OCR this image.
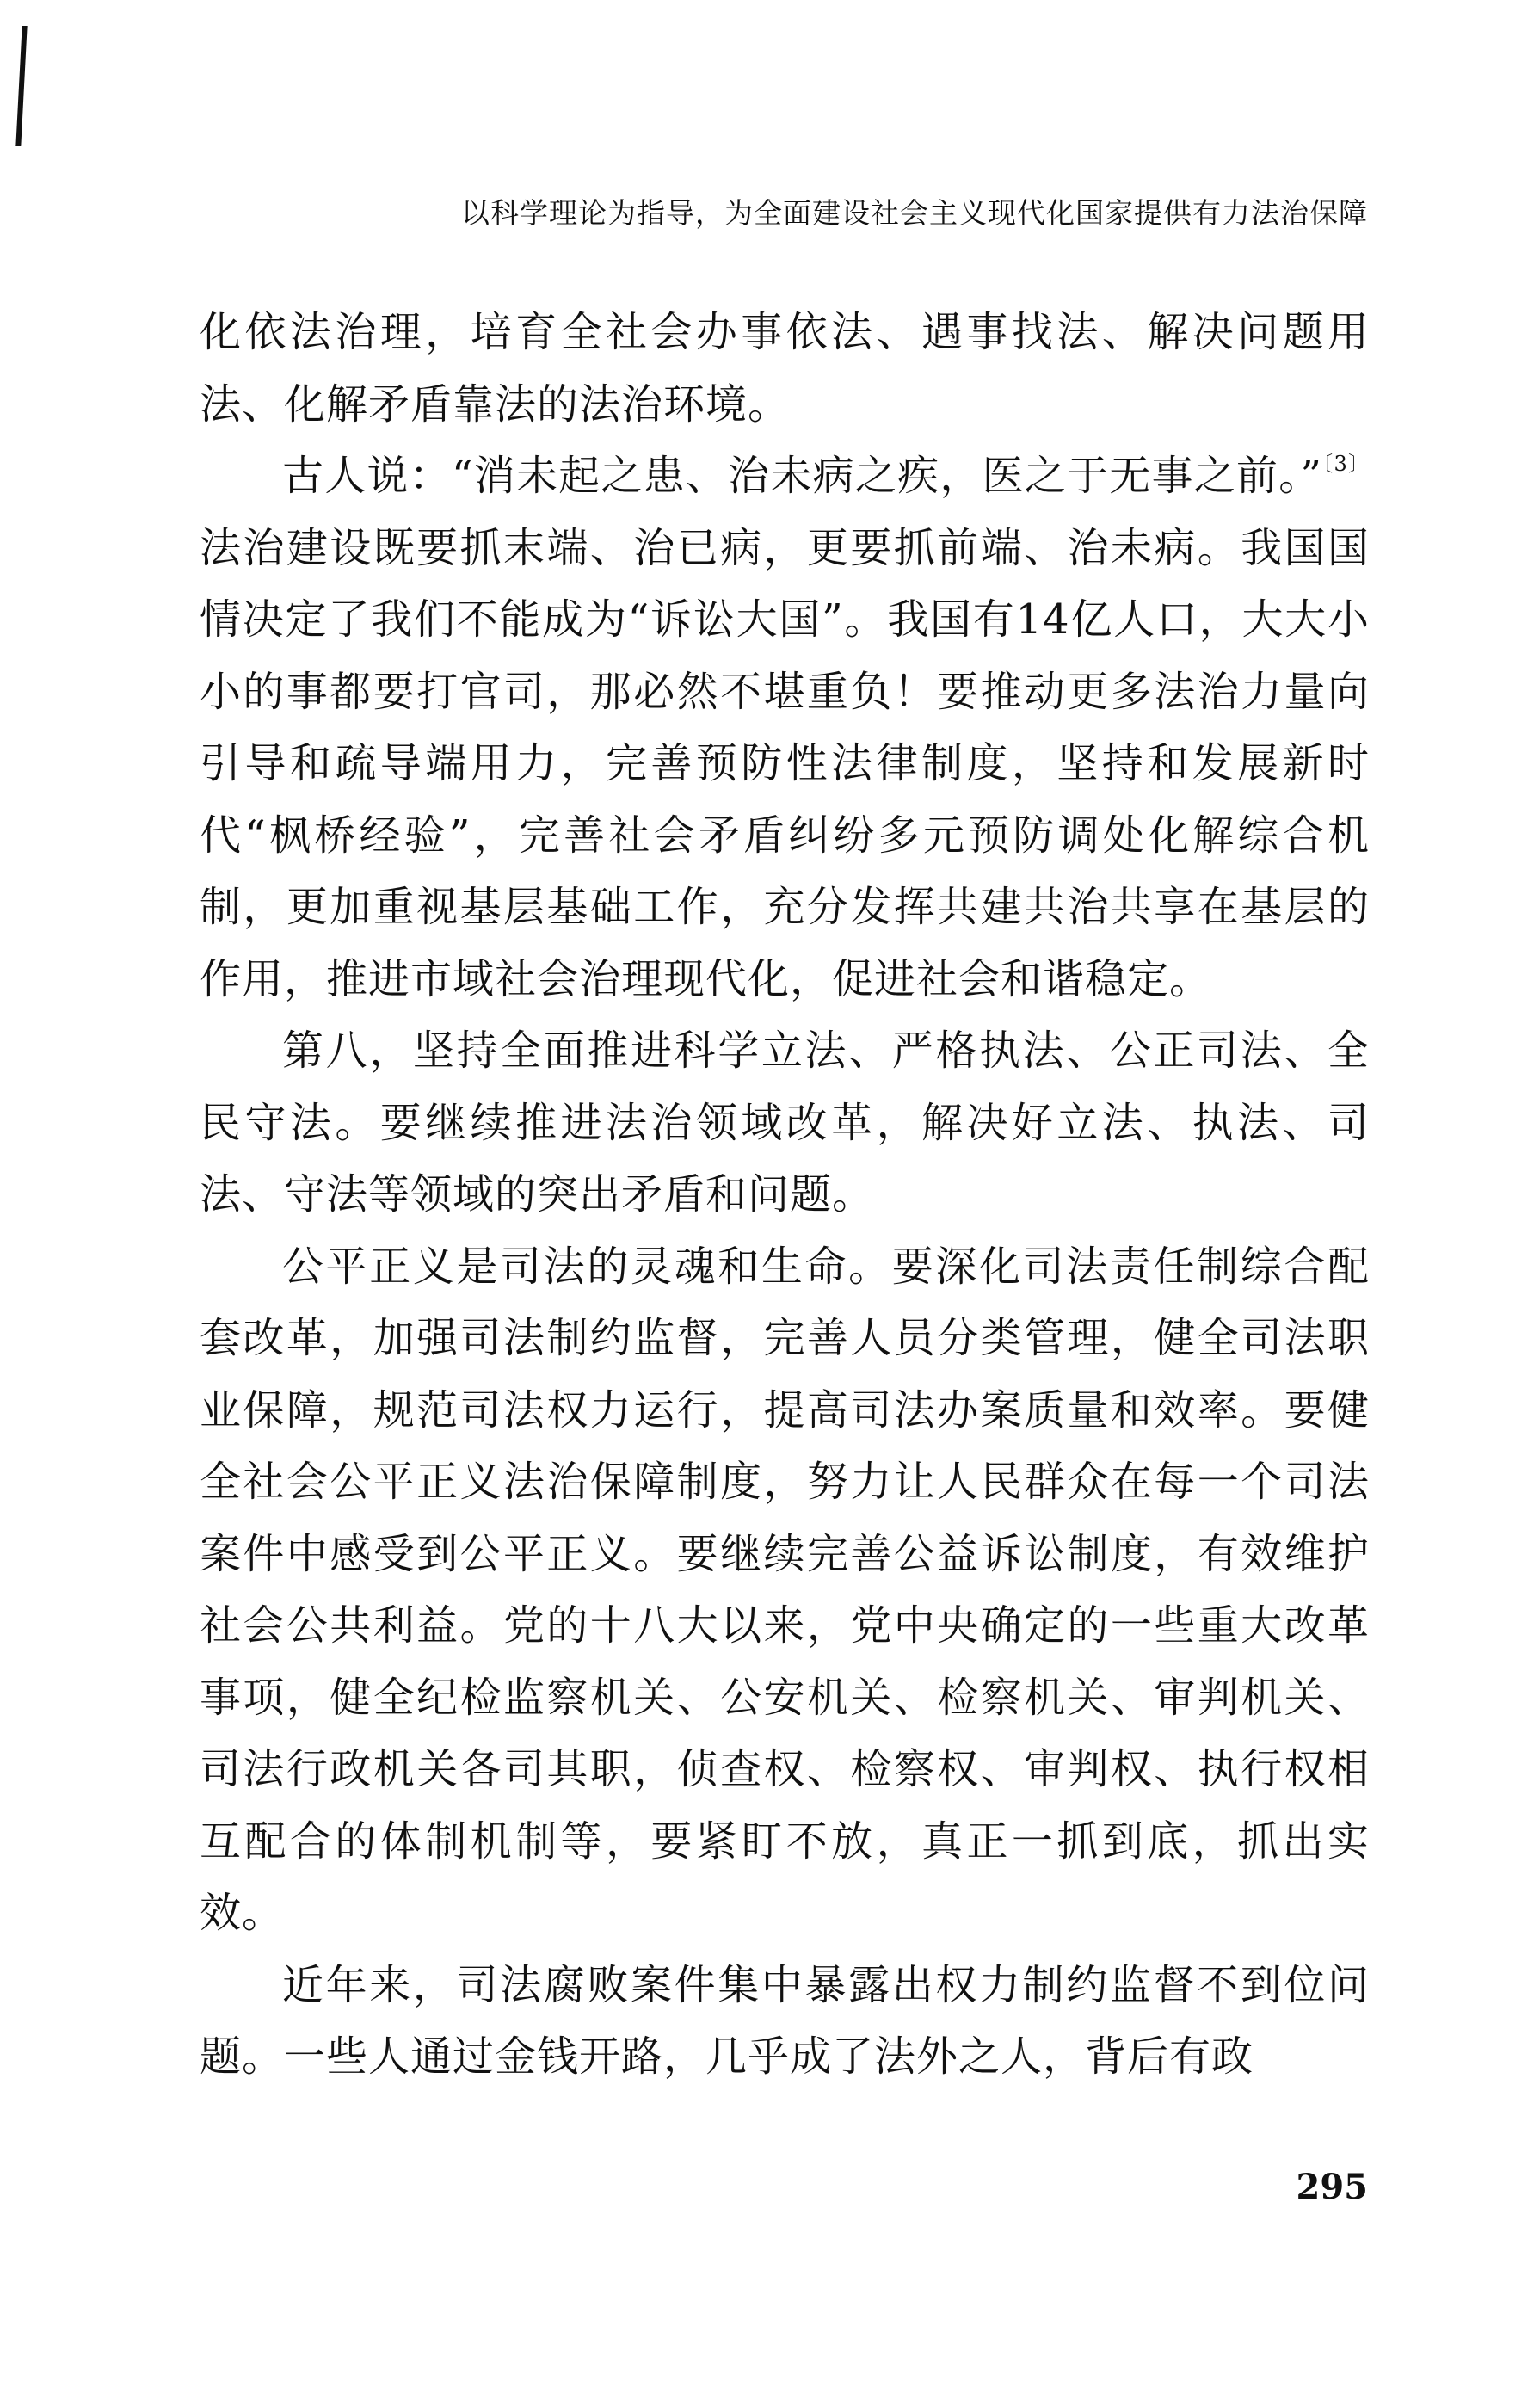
以科学理论为指导，为全面建设社会主义现代化国家提供有力法治保障

化依法治理，培育全社会办事依法、遇事找法、解决问题用法、化解矛盾靠法的法治环境。

古人说：“消未起之患、治未病之疾，医之于无事之前。”$^{〔3〕}$法治建设既要抓末端、治已病，更要抓前端、治未病。我国国情决定了我们不能成为“诉讼大国”。我国有14亿人口，大大小小的事都要打官司，那必然不堪重负！要推动更多法治力量向引导和疏导端用力，完善预防性法律制度，坚持和发展新时代“枫桥经验”，完善社会矛盾纠纷多元预防调处化解综合机制，更加重视基层基础工作，充分发挥共建共治共享在基层的作用，推进市域社会治理现代化，促进社会和谐稳定。

第八，坚持全面推进科学立法、严格执法、公正司法、全民守法。要继续推进法治领域改革，解决好立法、执法、司法、守法等领域的突出矛盾和问题。

公平正义是司法的灵魂和生命。要深化司法责任制综合配套改革，加强司法制约监督，完善人员分类管理，健全司法职业保障，规范司法权力运行，提高司法办案质量和效率。要健全社会公平正义法治保障制度，努力让人民群众在每一个司法案件中感受到公平正义。要继续完善公益诉讼制度，有效维护社会公共利益。党的十八大以来，党中央确定的一些重大改革事项，健全纪检监察机关、公安机关、检察机关、审判机关、司法行政机关各司其职，侦查权、检察权、审判权、执行权相互配合的体制机制等，要紧盯不放，真正一抓到底，抓出实效。

近年来，司法腐败案件集中暴露出权力制约监督不到位问题。一些人通过金钱开路，几乎成了法外之人，背后有政

295
